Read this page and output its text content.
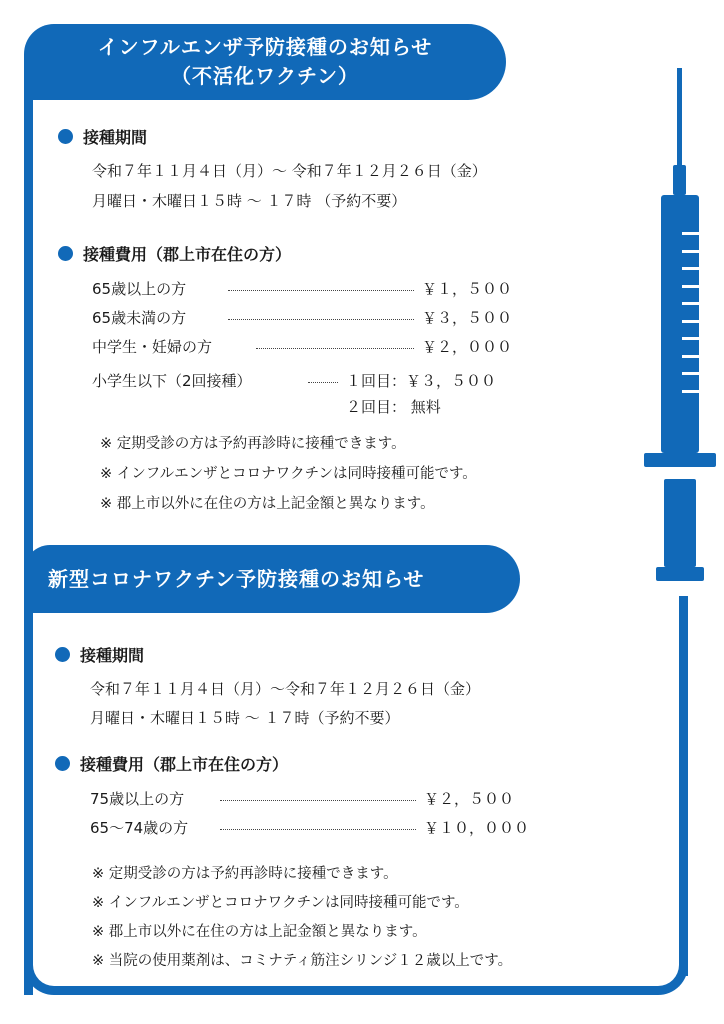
インフルエンザ予防接種のお知らせ
（不活化ワクチン）
接種期間
令和７年１１月４日（月）～ 令和７年１２月２６日（金）
月曜日・木曜日１５時 ～ １７時 （予約不要）
接種費用（郡上市在住の方）
65歳以上の方	￥１，５００
65歳未満の方	￥３，５００
中学生・妊婦の方	￥２，０００
小学生以下（2回接種）	１回目：￥３，５００
２回目： 無料
※ 定期受診の方は予約再診時に接種できます。
※ インフルエンザとコロナワクチンは同時接種可能です。
※ 郡上市以外に在住の方は上記金額と異なります。
新型コロナワクチン予防接種のお知らせ
接種期間
令和７年１１月４日（月）～令和７年１２月２６日（金）
月曜日・木曜日１５時 ～ １７時（予約不要）
接種費用（郡上市在住の方）
75歳以上の方	￥２，５００
65～74歳の方	￥１０，０００
※ 定期受診の方は予約再診時に接種できます。
※ インフルエンザとコロナワクチンは同時接種可能です。
※ 郡上市以外に在住の方は上記金額と異なります。
※ 当院の使用薬剤は、コミナティ筋注シリンジ１２歳以上です。
